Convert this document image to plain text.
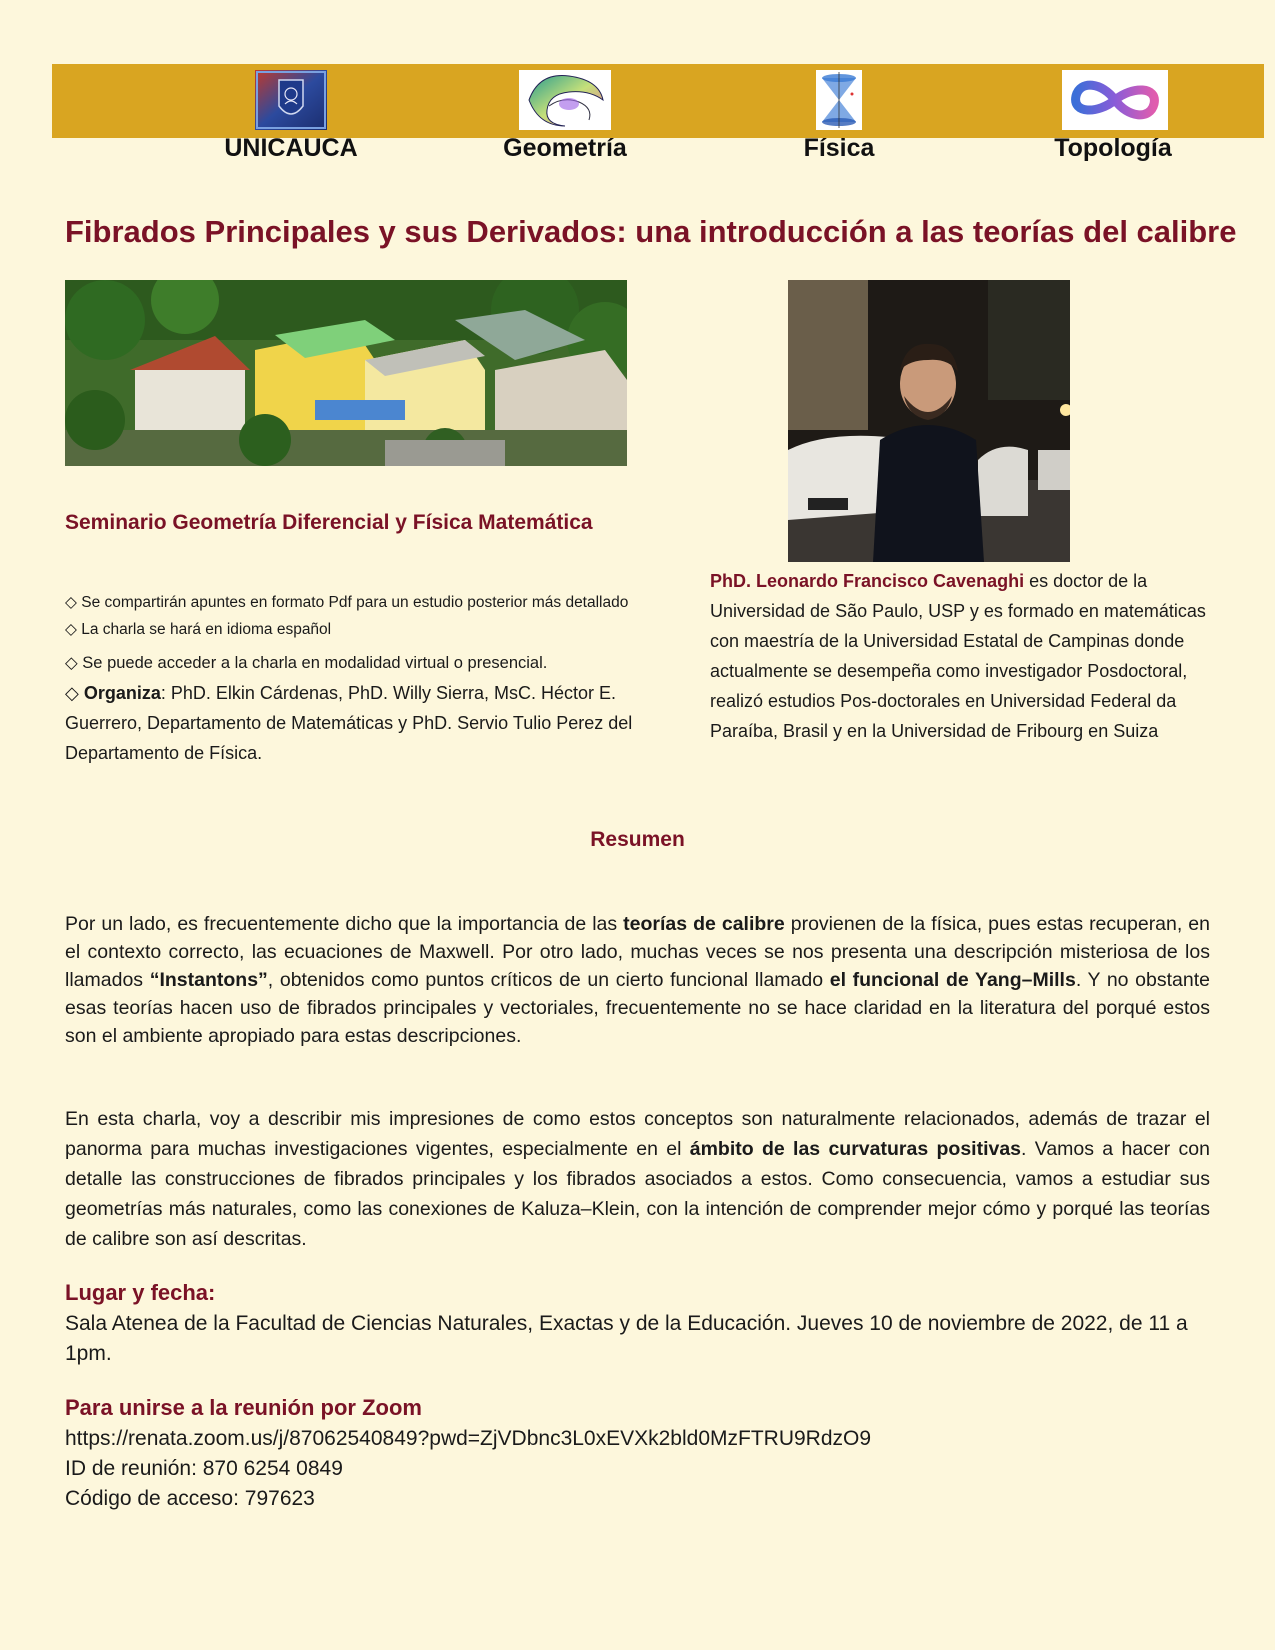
UNICAUCA	Geometría	Física	Topología
Fibrados Principales y sus Derivados: una introducción a las teorías del calibre
Seminario Geometría Diferencial y Física Matemática
◇ Se compartirán apuntes en formato Pdf para un estudio posterior más detallado
◇ La charla se hará en idioma español
◇ Se puede acceder a la charla en modalidad virtual o presencial.
◇ Organiza: PhD. Elkin Cárdenas, PhD. Willy Sierra, MsC. Héctor E. Guerrero, Departamento de Matemáticas y PhD. Servio Tulio Perez del Departamento de Física.
PhD. Leonardo Francisco Cavenaghi es doctor de la Universidad de São Paulo, USP y es formado en matemáticas con maestría de la Universidad Estatal de Campinas donde actualmente se desempeña como investigador Posdoctoral, realizó estudios Pos-doctorales en Universidad Federal da Paraíba, Brasil y en la Universidad de Fribourg en Suiza
Resumen
Por un lado, es frecuentemente dicho que la importancia de las teorías de calibre provienen de la física, pues estas recuperan, en el contexto correcto, las ecuaciones de Maxwell. Por otro lado, muchas veces se nos presenta una descripción misteriosa de los llamados “Instantons”, obtenidos como puntos críticos de un cierto funcional llamado el funcional de Yang–Mills. Y no obstante esas teorías hacen uso de fibrados principales y vectoriales, frecuentemente no se hace claridad en la literatura del porqué estos son el ambiente apropiado para estas descripciones.
En esta charla, voy a describir mis impresiones de como estos conceptos son naturalmente relacionados, además de trazar el panorma para muchas investigaciones vigentes, especialmente en el ámbito de las curvaturas positivas. Vamos a hacer con detalle las construcciones de fibrados principales y los fibrados asociados a estos. Como consecuencia, vamos a estudiar sus geometrías más naturales, como las conexiones de Kaluza–Klein, con la intención de comprender mejor cómo y porqué las teorías de calibre son así descritas.
Lugar y fecha:
Sala Atenea de la Facultad de Ciencias Naturales, Exactas y de la Educación. Jueves 10 de noviembre de 2022, de 11 a 1pm.
Para unirse a la reunión por Zoom
https://renata.zoom.us/j/87062540849?pwd=ZjVDbnc3L0xEVXk2bld0MzFTRU9RdzO9
ID de reunión: 870 6254 0849
Código de acceso: 797623
